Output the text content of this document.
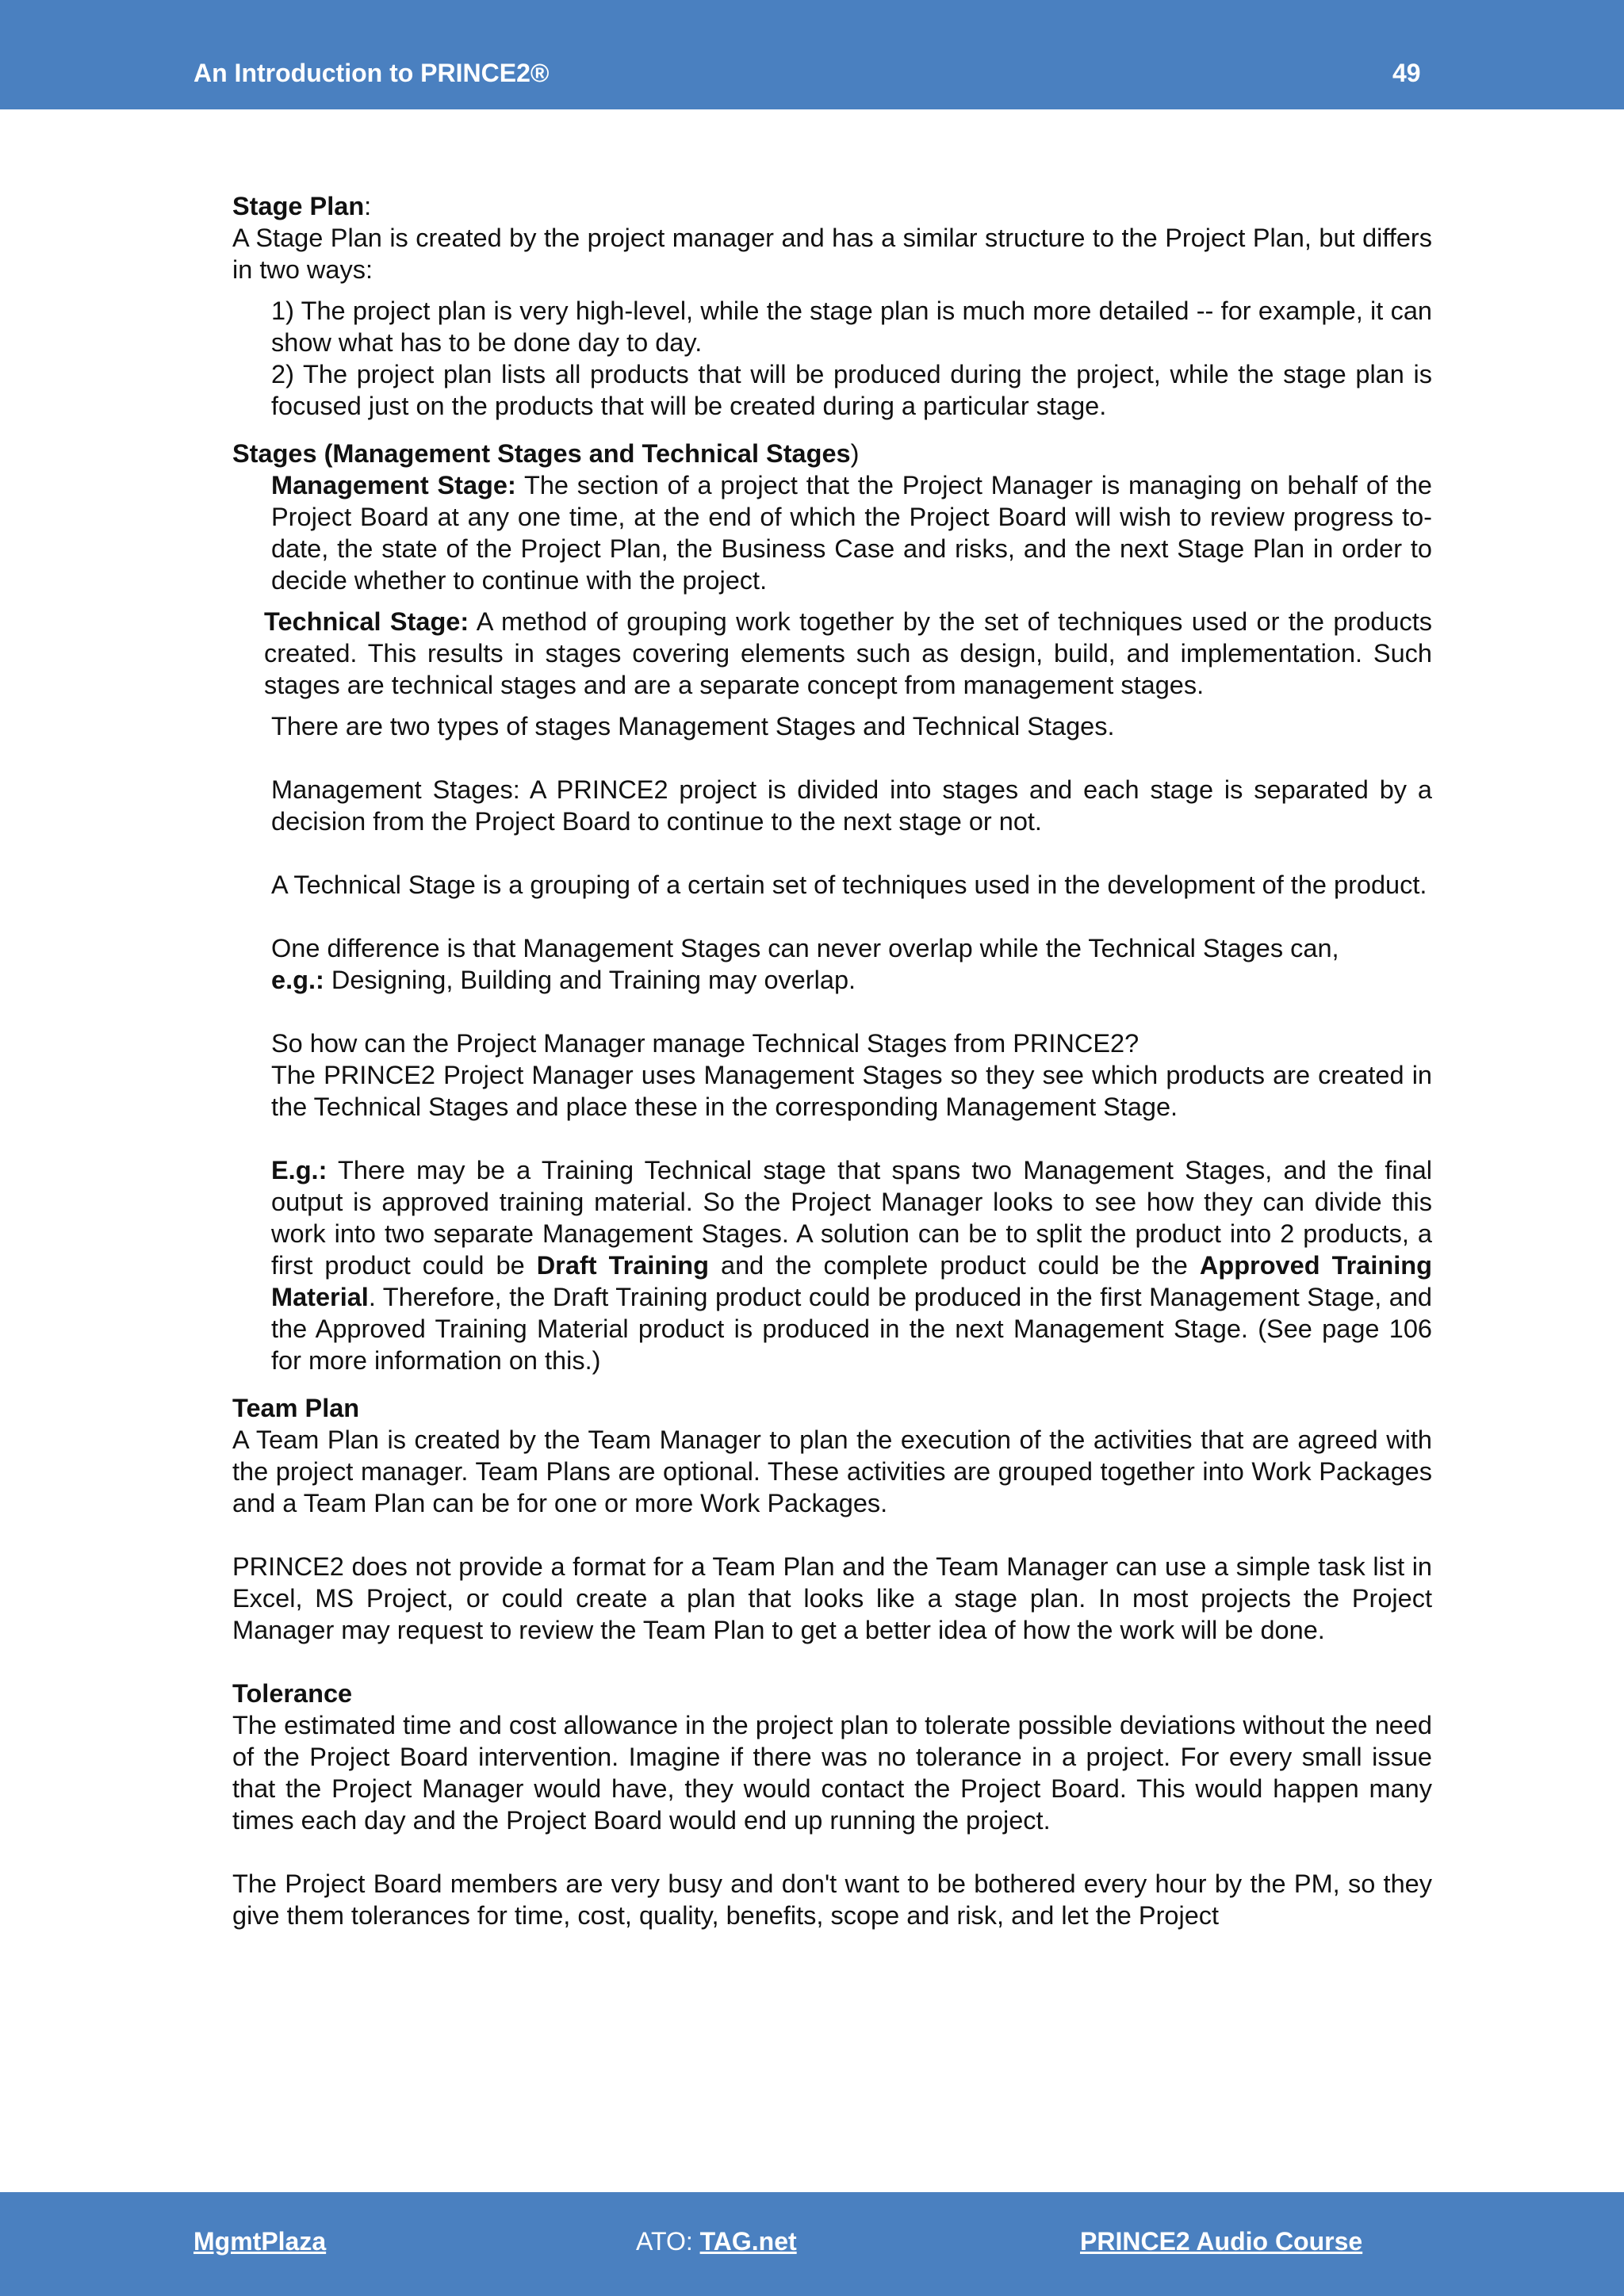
An Introduction to PRINCE2®	49

Stage Plan:

A Stage Plan is created by the project manager and has a similar structure to the Project Plan, but differs in two ways:

1) The project plan is very high-level, while the stage plan is much more detailed -- for example, it can show what has to be done day to day.

2) The project plan lists all products that will be produced during the project, while the stage plan is focused just on the products that will be created during a particular stage.

Stages (Management Stages and Technical Stages)

Management Stage: The section of a project that the Project Manager is managing on behalf of the Project Board at any one time, at the end of which the Project Board will wish to review progress to-date, the state of the Project Plan, the Business Case and risks, and the next Stage Plan in order to decide whether to continue with the project.

Technical Stage: A method of grouping work together by the set of techniques used or the products created. This results in stages covering elements such as design, build, and implementation. Such stages are technical stages and are a separate concept from management stages.

There are two types of stages Management Stages and Technical Stages.

Management Stages: A PRINCE2 project is divided into stages and each stage is separated by a decision from the Project Board to continue to the next stage or not.

A Technical Stage is a grouping of a certain set of techniques used in the development of the product.

One difference is that Management Stages can never overlap while the Technical Stages can,
e.g.: Designing, Building and Training may overlap.

So how can the Project Manager manage Technical Stages from PRINCE2?

The PRINCE2 Project Manager uses Management Stages so they see which products are created in the Technical Stages and place these in the corresponding Management Stage.

E.g.: There may be a Training Technical stage that spans two Management Stages, and the final output is approved training material. So the Project Manager looks to see how they can divide this work into two separate Management Stages. A solution can be to split the product into 2 products, a first product could be Draft Training and the complete product could be the Approved Training Material. Therefore, the Draft Training product could be produced in the first Management Stage, and the Approved Training Material product is produced in the next Management Stage. (See page 106 for more information on this.)

Team Plan

A Team Plan is created by the Team Manager to plan the execution of the activities that are agreed with the project manager. Team Plans are optional. These activities are grouped together into Work Packages and a Team Plan can be for one or more Work Packages.

PRINCE2 does not provide a format for a Team Plan and the Team Manager can use a simple task list in Excel, MS Project, or could create a plan that looks like a stage plan. In most projects the Project Manager may request to review the Team Plan to get a better idea of how the work will be done.

Tolerance

The estimated time and cost allowance in the project plan to tolerate possible deviations without the need of the Project Board intervention. Imagine if there was no tolerance in a project. For every small issue that the Project Manager would have, they would contact the Project Board. This would happen many times each day and the Project Board would end up running the project.

The Project Board members are very busy and don't want to be bothered every hour by the PM, so they give them tolerances for time, cost, quality, benefits, scope and risk, and let the Project

MgmtPlaza	ATO: TAG.net	PRINCE2 Audio Course
